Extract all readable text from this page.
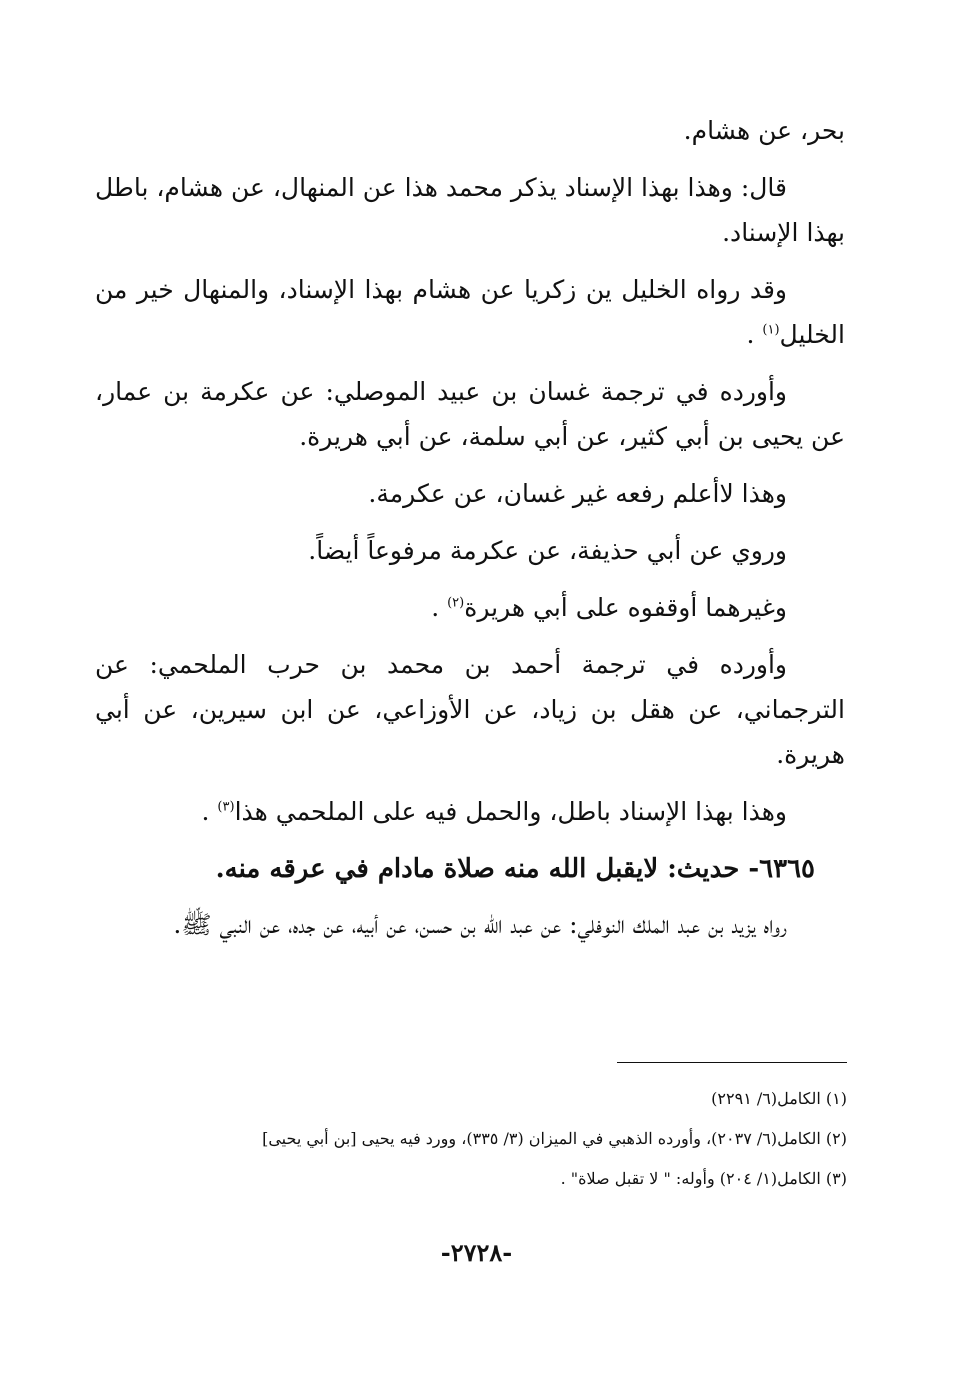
بحر، عن هشام.

قال: وهذا بهذا الإسناد يذكر محمد هذا عن المنهال، عن هشام، باطل بهذا الإسناد.

وقد رواه الخليل ين زكريا عن هشام بهذا الإسناد، والمنهال خير من الخليل$^{(١)}$ .

وأورده في ترجمة غسان بن عبيد الموصلي: عن عكرمة بن عمار، عن يحيى بن أبي كثير، عن أبي سلمة، عن أبي هريرة.

وهذا لاأعلم رفعه غير غسان، عن عكرمة.

وروي عن أبي حذيفة، عن عكرمة مرفوعاً أيضاً.

وغيرهما أوقفوه على أبي هريرة$^{(٢)}$ .

وأورده في ترجمة أحمد بن محمد بن حرب الملحمي: عن الترجماني، عن هقل بن زياد، عن الأوزاعي، عن ابن سيرين، عن أبي هريرة.

وهذا بهذا الإسناد باطل، والحمل فيه على الملحمي هذا$^{(٣)}$ .

٦٣٦٥- حديث: لايقبل الله منه صلاة مادام في عرقه منه.

رواه يزيد بن عبد الملك النوفلي: عن عبد الله بن حسن، عن أبيه، عن جده، عن النبي ﷺ.

(١) الكامل(٦/ ٢٢٩١)

(٢) الكامل(٦/ ٢٠٣٧)، وأورده الذهبي في الميزان (٣/ ٣٣٥)، وورد فيه يحيى [بن أبي يحيى]

(٣) الكامل(١/ ٢٠٤) وأوله: " لا تقبل صلاة" .

-٢٧٢٨-
